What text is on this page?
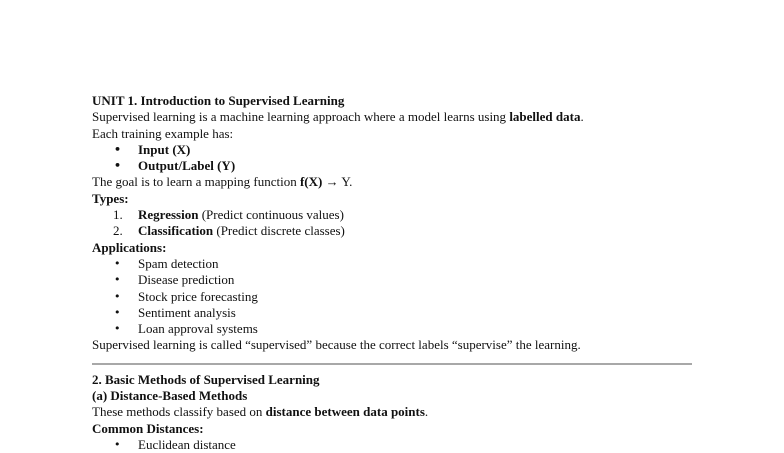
UNIT 1. Introduction to Supervised Learning
Supervised learning is a machine learning approach where a model learns using labelled data.
Each training example has:
• Input (X)
• Output/Label (Y)
The goal is to learn a mapping function f(X) → Y.
Types:
1. Regression (Predict continuous values)
2. Classification (Predict discrete classes)
Applications:
• Spam detection
• Disease prediction
• Stock price forecasting
• Sentiment analysis
• Loan approval systems
Supervised learning is called “supervised” because the correct labels “supervise” the learning.
2. Basic Methods of Supervised Learning
(a) Distance-Based Methods
These methods classify based on distance between data points.
Common Distances:
• Euclidean distance
